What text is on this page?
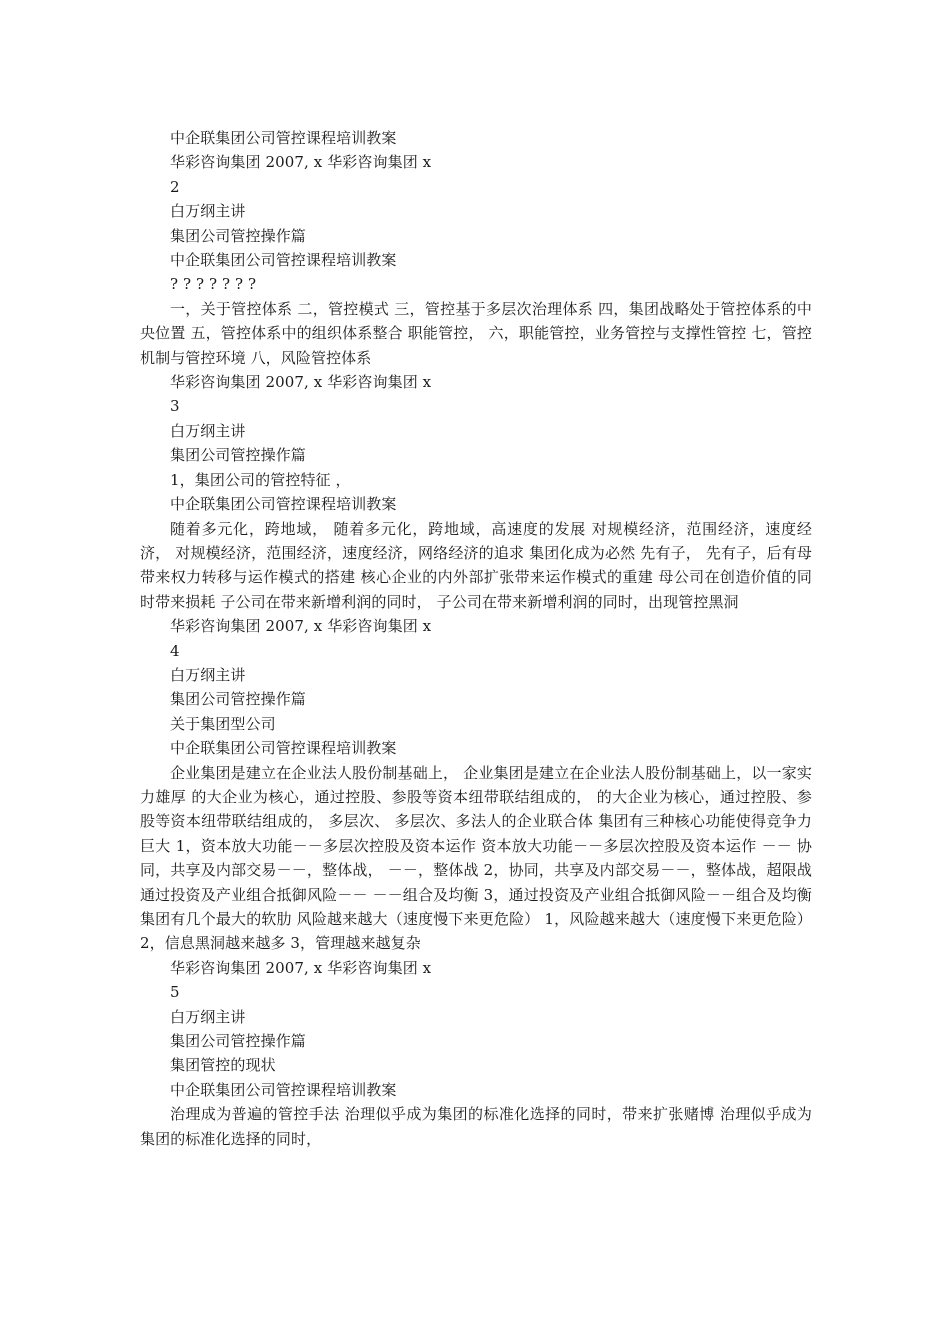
中企联集团公司管控课程培训教案

华彩咨询集团 2007, x 华彩咨询集团 x

2

白万纲主讲

集团公司管控操作篇

中企联集团公司管控课程培训教案

? ? ? ? ? ? ?

一，关于管控体系 二，管控模式 三，管控基于多层次治理体系 四，集团战略处于管控体系的中央位置 五，管控体系中的组织体系整合 职能管控， 六，职能管控，业务管控与支撑性管控 七，管控机制与管控环境 八，风险管控体系

华彩咨询集团 2007, x 华彩咨询集团 x

3

白万纲主讲

集团公司管控操作篇

1，集团公司的管控特征 ，

中企联集团公司管控课程培训教案

随着多元化，跨地域， 随着多元化，跨地域，高速度的发展 对规模经济，范围经济，速度经济， 对规模经济，范围经济，速度经济，网络经济的追求 集团化成为必然 先有子， 先有子，后有母带来权力转移与运作模式的搭建 核心企业的内外部扩张带来运作模式的重建 母公司在创造价值的同时带来损耗 子公司在带来新增利润的同时， 子公司在带来新增利润的同时，出现管控黑洞

华彩咨询集团 2007, x 华彩咨询集团 x

4

白万纲主讲

集团公司管控操作篇

关于集团型公司

中企联集团公司管控课程培训教案

企业集团是建立在企业法人股份制基础上， 企业集团是建立在企业法人股份制基础上，以一家实力雄厚 的大企业为核心，通过控股、参股等资本纽带联结组成的， 的大企业为核心，通过控股、参股等资本纽带联结组成的， 多层次、 多层次、多法人的企业联合体 集团有三种核心功能使得竞争力巨大 1，资本放大功能－－多层次控股及资本运作 资本放大功能－－多层次控股及资本运作 －－ 协同，共享及内部交易－－，整体战， －－，整体战 2，协同，共享及内部交易－－，整体战，超限战 通过投资及产业组合抵御风险－－ －－组合及均衡 3，通过投资及产业组合抵御风险－－组合及均衡 集团有几个最大的软肋 风险越来越大（速度慢下来更危险） 1，风险越来越大（速度慢下来更危险） 2，信息黑洞越来越多 3，管理越来越复杂

华彩咨询集团 2007, x 华彩咨询集团 x

5

白万纲主讲

集团公司管控操作篇

集团管控的现状

中企联集团公司管控课程培训教案

治理成为普遍的管控手法 治理似乎成为集团的标准化选择的同时，带来扩张赌博 治理似乎成为集团的标准化选择的同时，
